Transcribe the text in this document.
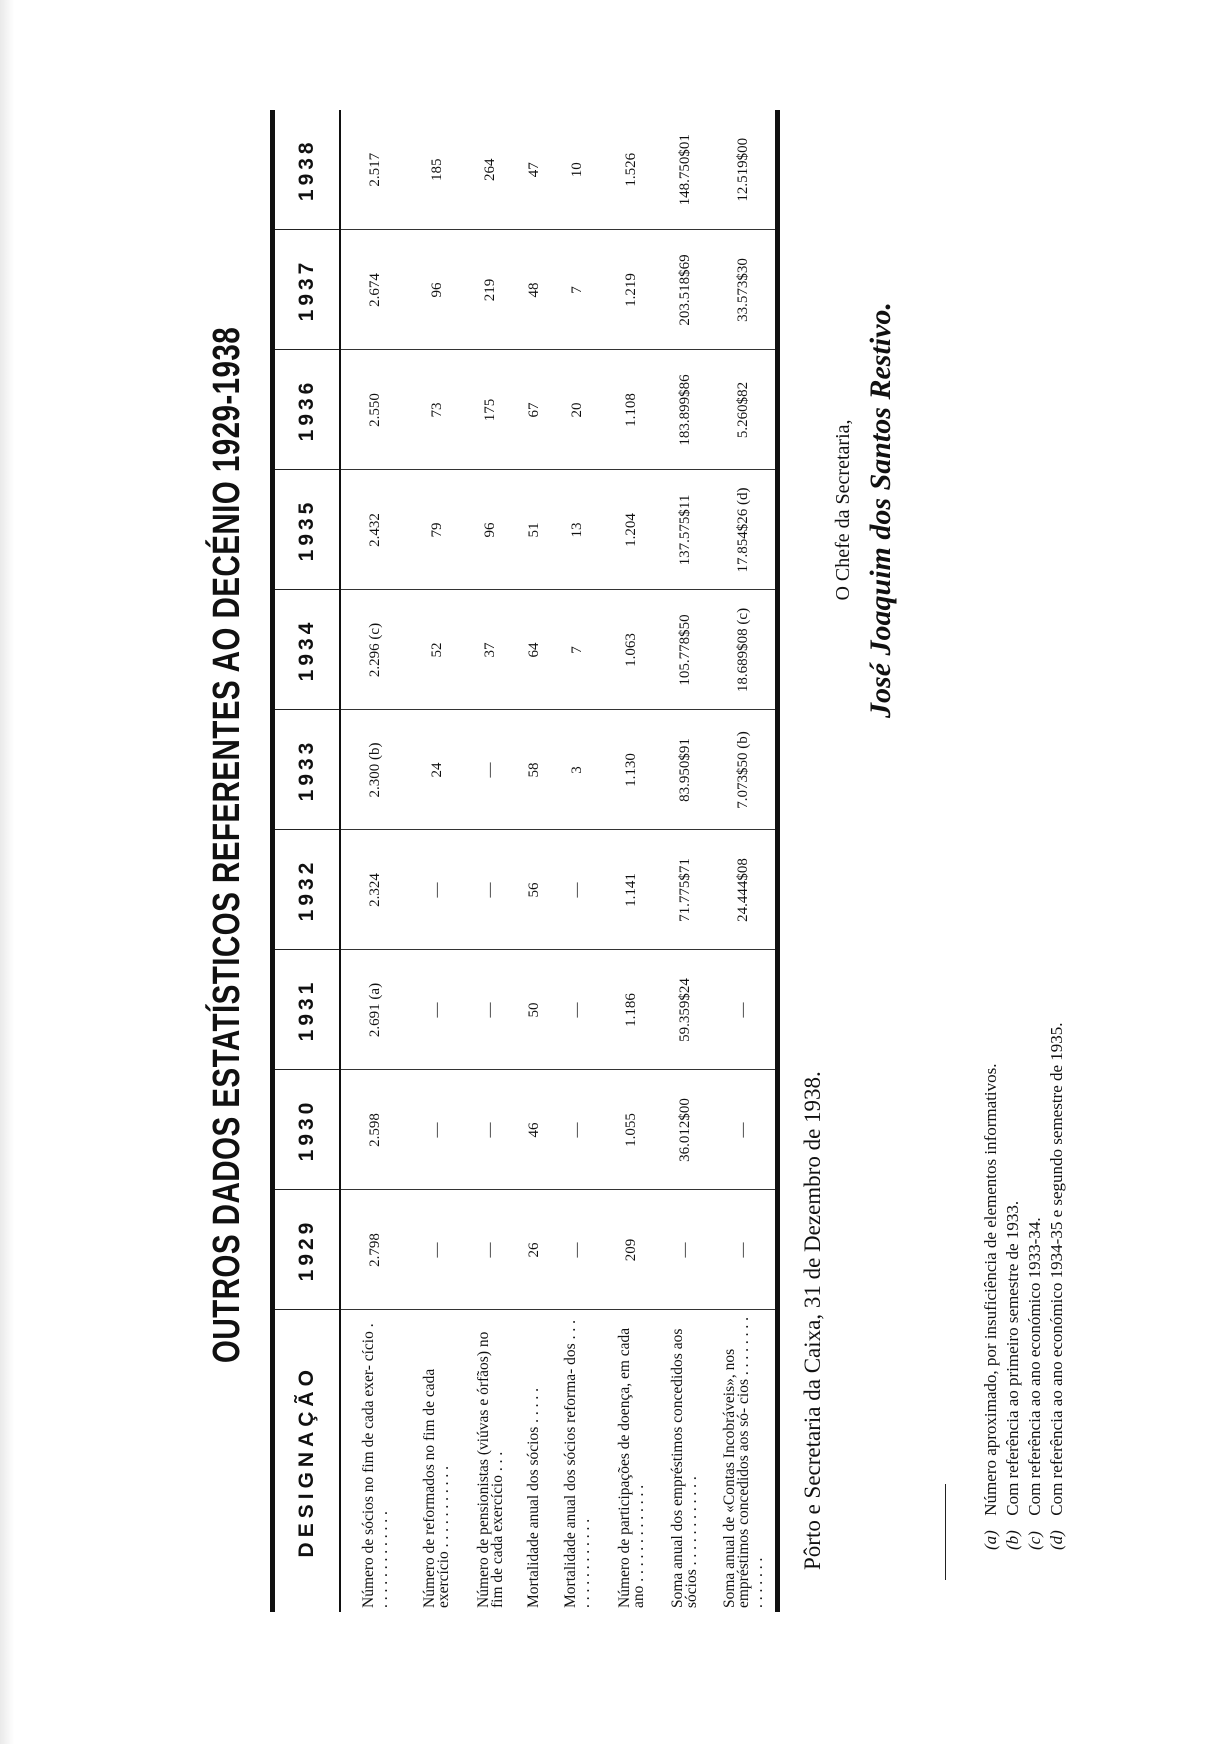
OUTROS DADOS ESTATÍSTICOS REFERENTES AO DECÉNIO 1929-1938
DESIGNAÇÃO	1929	1930	1931	1932	1933	1934	1935	1936	1937	1938
Número de sócios no fim de cada exer- cício . . . . . . . . . . . . . .	2.798	2.598	2.691 (a)	2.324	2.300 (b)	2.296 (c)	2.432	2.550	2.674	2.517
Número de reformados no fim de cada exercício . . . . . . . . . . .	—	—	—	—	24	52	79	73	96	185
Número de pensionistas (viúvas e órfãos) no fim de cada exercício . . .	—	—	—	—	—	37	96	175	219	264
Mortalidade anual dos sócios . . . . .	26	46	50	56	58	64	51	67	48	47
Mortalidade anual dos sócios reforma- dos . . . . . . . . . . . . . . .	—	—	—	—	3	7	13	20	7	10
Número de participações de doença, em cada ano . . . . . . . . . . . . .	209	1.055	1.186	1.141	1.130	1.063	1.204	1.108	1.219	1.526
Soma anual dos empréstimos concedidos aos sócios . . . . . . . . . . . .	—	36.012$00	59.359$24	71.775$71	83.950$91	105.778$50	137.575$11	183.899$86	203.518$69	148.750$01
Soma anual de «Contas Incobráveis», nos empréstimos concedidos aos só- cios . . . . . . . . . . . . . . .	—	—	—	24.444$08	7.073$50 (b)	18.689$08 (c)	17.854$26 (d)	5.260$82	33.573$30	12.519$00
Pôrto e Secretaria da Caixa, 31 de Dezembro de 1938.
O Chefe da Secretaria, José Joaquim dos Santos Restivo.
(a) Número aproximado, por insuficiência de elementos informativos.
(b) Com referência ao primeiro semestre de 1933.
(c) Com referência ao ano económico 1933-34.
(d) Com referência ao ano económico 1934-35 e segundo semestre de 1935.
